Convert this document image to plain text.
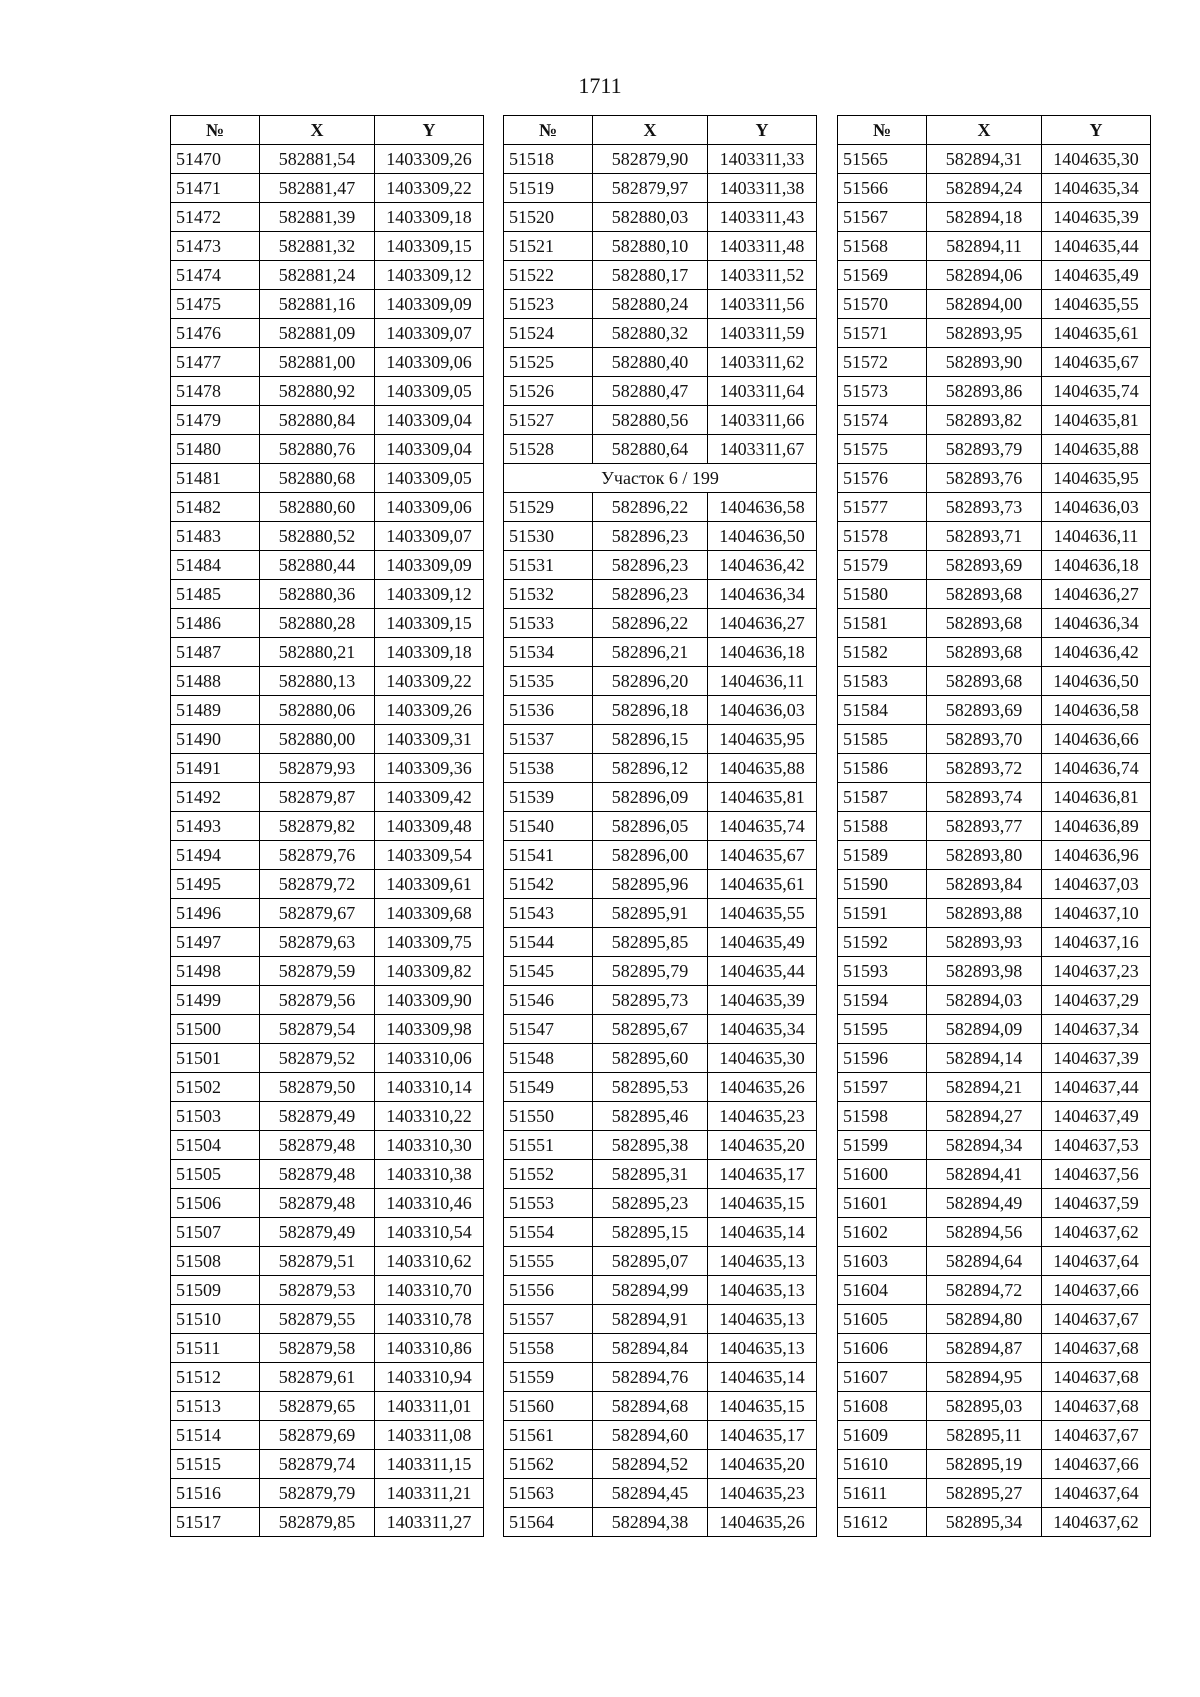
1711
№	X	Y
51470	582881,54	1403309,26
51471	582881,47	1403309,22
51472	582881,39	1403309,18
51473	582881,32	1403309,15
51474	582881,24	1403309,12
51475	582881,16	1403309,09
51476	582881,09	1403309,07
51477	582881,00	1403309,06
51478	582880,92	1403309,05
51479	582880,84	1403309,04
51480	582880,76	1403309,04
51481	582880,68	1403309,05
51482	582880,60	1403309,06
51483	582880,52	1403309,07
51484	582880,44	1403309,09
51485	582880,36	1403309,12
51486	582880,28	1403309,15
51487	582880,21	1403309,18
51488	582880,13	1403309,22
51489	582880,06	1403309,26
51490	582880,00	1403309,31
51491	582879,93	1403309,36
51492	582879,87	1403309,42
51493	582879,82	1403309,48
51494	582879,76	1403309,54
51495	582879,72	1403309,61
51496	582879,67	1403309,68
51497	582879,63	1403309,75
51498	582879,59	1403309,82
51499	582879,56	1403309,90
51500	582879,54	1403309,98
51501	582879,52	1403310,06
51502	582879,50	1403310,14
51503	582879,49	1403310,22
51504	582879,48	1403310,30
51505	582879,48	1403310,38
51506	582879,48	1403310,46
51507	582879,49	1403310,54
51508	582879,51	1403310,62
51509	582879,53	1403310,70
51510	582879,55	1403310,78
51511	582879,58	1403310,86
51512	582879,61	1403310,94
51513	582879,65	1403311,01
51514	582879,69	1403311,08
51515	582879,74	1403311,15
51516	582879,79	1403311,21
51517	582879,85	1403311,27
№	X	Y
51518	582879,90	1403311,33
51519	582879,97	1403311,38
51520	582880,03	1403311,43
51521	582880,10	1403311,48
51522	582880,17	1403311,52
51523	582880,24	1403311,56
51524	582880,32	1403311,59
51525	582880,40	1403311,62
51526	582880,47	1403311,64
51527	582880,56	1403311,66
51528	582880,64	1403311,67
Участок 6 / 199		
51529	582896,22	1404636,58
51530	582896,23	1404636,50
51531	582896,23	1404636,42
51532	582896,23	1404636,34
51533	582896,22	1404636,27
51534	582896,21	1404636,18
51535	582896,20	1404636,11
51536	582896,18	1404636,03
51537	582896,15	1404635,95
51538	582896,12	1404635,88
51539	582896,09	1404635,81
51540	582896,05	1404635,74
51541	582896,00	1404635,67
51542	582895,96	1404635,61
51543	582895,91	1404635,55
51544	582895,85	1404635,49
51545	582895,79	1404635,44
51546	582895,73	1404635,39
51547	582895,67	1404635,34
51548	582895,60	1404635,30
51549	582895,53	1404635,26
51550	582895,46	1404635,23
51551	582895,38	1404635,20
51552	582895,31	1404635,17
51553	582895,23	1404635,15
51554	582895,15	1404635,14
51555	582895,07	1404635,13
51556	582894,99	1404635,13
51557	582894,91	1404635,13
51558	582894,84	1404635,13
51559	582894,76	1404635,14
51560	582894,68	1404635,15
51561	582894,60	1404635,17
51562	582894,52	1404635,20
51563	582894,45	1404635,23
51564	582894,38	1404635,26
№	X	Y
51565	582894,31	1404635,30
51566	582894,24	1404635,34
51567	582894,18	1404635,39
51568	582894,11	1404635,44
51569	582894,06	1404635,49
51570	582894,00	1404635,55
51571	582893,95	1404635,61
51572	582893,90	1404635,67
51573	582893,86	1404635,74
51574	582893,82	1404635,81
51575	582893,79	1404635,88
51576	582893,76	1404635,95
51577	582893,73	1404636,03
51578	582893,71	1404636,11
51579	582893,69	1404636,18
51580	582893,68	1404636,27
51581	582893,68	1404636,34
51582	582893,68	1404636,42
51583	582893,68	1404636,50
51584	582893,69	1404636,58
51585	582893,70	1404636,66
51586	582893,72	1404636,74
51587	582893,74	1404636,81
51588	582893,77	1404636,89
51589	582893,80	1404636,96
51590	582893,84	1404637,03
51591	582893,88	1404637,10
51592	582893,93	1404637,16
51593	582893,98	1404637,23
51594	582894,03	1404637,29
51595	582894,09	1404637,34
51596	582894,14	1404637,39
51597	582894,21	1404637,44
51598	582894,27	1404637,49
51599	582894,34	1404637,53
51600	582894,41	1404637,56
51601	582894,49	1404637,59
51602	582894,56	1404637,62
51603	582894,64	1404637,64
51604	582894,72	1404637,66
51605	582894,80	1404637,67
51606	582894,87	1404637,68
51607	582894,95	1404637,68
51608	582895,03	1404637,68
51609	582895,11	1404637,67
51610	582895,19	1404637,66
51611	582895,27	1404637,64
51612	582895,34	1404637,62
